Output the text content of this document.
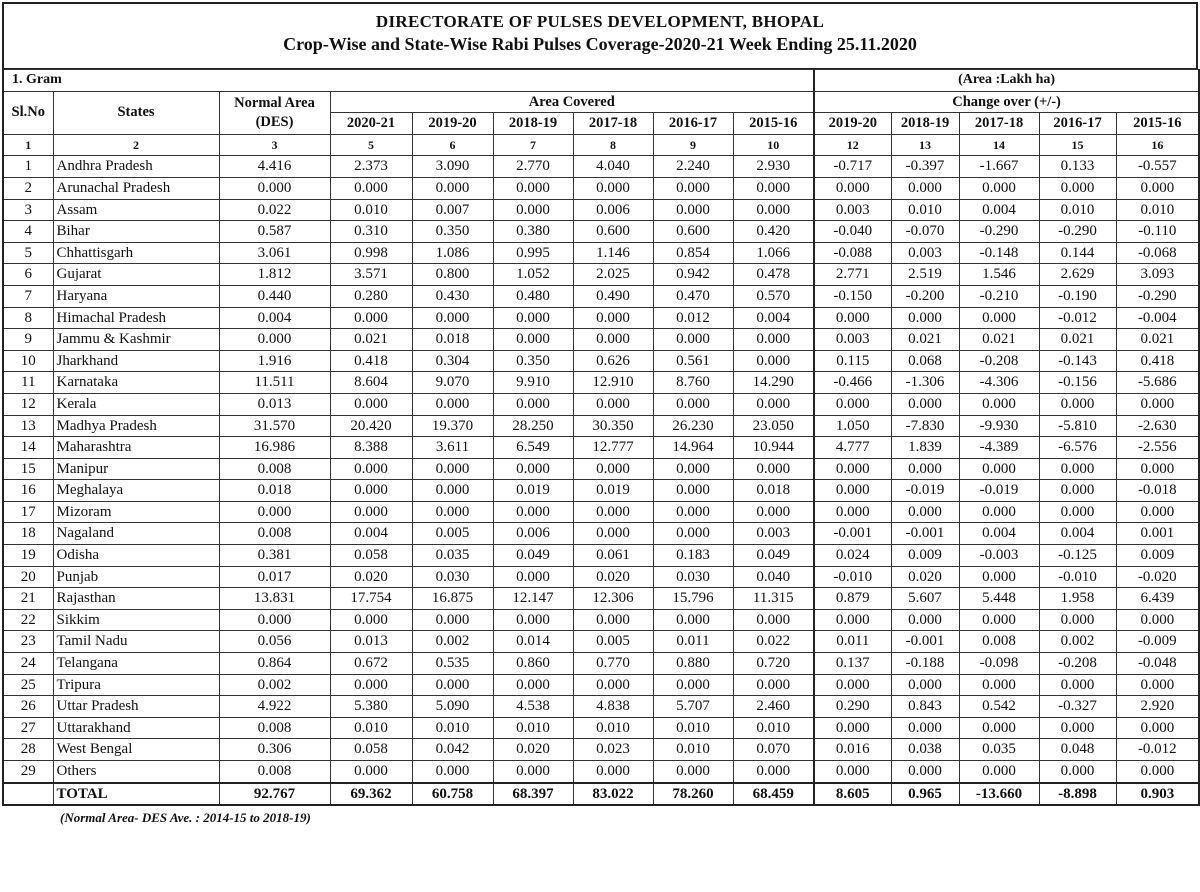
DIRECTORATE OF PULSES DEVELOPMENT, BHOPAL
Crop-Wise and State-Wise Rabi Pulses Coverage-2020-21 Week Ending 25.11.2020
1. Gram									(Area :Lakh ha)				
Sl.No	States	Normal Area (DES)	Area Covered						Change over (+/-)				
			2020-21	2019-20	2018-19	2017-18	2016-17	2015-16	2019-20	2018-19	2017-18	2016-17	2015-16
1	2	3	5	6	7	8	9	10	12	13	14	15	16
1	Andhra Pradesh	4.416	2.373	3.090	2.770	4.040	2.240	2.930	-0.717	-0.397	-1.667	0.133	-0.557
2	Arunachal Pradesh	0.000	0.000	0.000	0.000	0.000	0.000	0.000	0.000	0.000	0.000	0.000	0.000
3	Assam	0.022	0.010	0.007	0.000	0.006	0.000	0.000	0.003	0.010	0.004	0.010	0.010
4	Bihar	0.587	0.310	0.350	0.380	0.600	0.600	0.420	-0.040	-0.070	-0.290	-0.290	-0.110
5	Chhattisgarh	3.061	0.998	1.086	0.995	1.146	0.854	1.066	-0.088	0.003	-0.148	0.144	-0.068
6	Gujarat	1.812	3.571	0.800	1.052	2.025	0.942	0.478	2.771	2.519	1.546	2.629	3.093
7	Haryana	0.440	0.280	0.430	0.480	0.490	0.470	0.570	-0.150	-0.200	-0.210	-0.190	-0.290
8	Himachal Pradesh	0.004	0.000	0.000	0.000	0.000	0.012	0.004	0.000	0.000	0.000	-0.012	-0.004
9	Jammu & Kashmir	0.000	0.021	0.018	0.000	0.000	0.000	0.000	0.003	0.021	0.021	0.021	0.021
10	Jharkhand	1.916	0.418	0.304	0.350	0.626	0.561	0.000	0.115	0.068	-0.208	-0.143	0.418
11	Karnataka	11.511	8.604	9.070	9.910	12.910	8.760	14.290	-0.466	-1.306	-4.306	-0.156	-5.686
12	Kerala	0.013	0.000	0.000	0.000	0.000	0.000	0.000	0.000	0.000	0.000	0.000	0.000
13	Madhya Pradesh	31.570	20.420	19.370	28.250	30.350	26.230	23.050	1.050	-7.830	-9.930	-5.810	-2.630
14	Maharashtra	16.986	8.388	3.611	6.549	12.777	14.964	10.944	4.777	1.839	-4.389	-6.576	-2.556
15	Manipur	0.008	0.000	0.000	0.000	0.000	0.000	0.000	0.000	0.000	0.000	0.000	0.000
16	Meghalaya	0.018	0.000	0.000	0.019	0.019	0.000	0.018	0.000	-0.019	-0.019	0.000	-0.018
17	Mizoram	0.000	0.000	0.000	0.000	0.000	0.000	0.000	0.000	0.000	0.000	0.000	0.000
18	Nagaland	0.008	0.004	0.005	0.006	0.000	0.000	0.003	-0.001	-0.001	0.004	0.004	0.001
19	Odisha	0.381	0.058	0.035	0.049	0.061	0.183	0.049	0.024	0.009	-0.003	-0.125	0.009
20	Punjab	0.017	0.020	0.030	0.000	0.020	0.030	0.040	-0.010	0.020	0.000	-0.010	-0.020
21	Rajasthan	13.831	17.754	16.875	12.147	12.306	15.796	11.315	0.879	5.607	5.448	1.958	6.439
22	Sikkim	0.000	0.000	0.000	0.000	0.000	0.000	0.000	0.000	0.000	0.000	0.000	0.000
23	Tamil Nadu	0.056	0.013	0.002	0.014	0.005	0.011	0.022	0.011	-0.001	0.008	0.002	-0.009
24	Telangana	0.864	0.672	0.535	0.860	0.770	0.880	0.720	0.137	-0.188	-0.098	-0.208	-0.048
25	Tripura	0.002	0.000	0.000	0.000	0.000	0.000	0.000	0.000	0.000	0.000	0.000	0.000
26	Uttar Pradesh	4.922	5.380	5.090	4.538	4.838	5.707	2.460	0.290	0.843	0.542	-0.327	2.920
27	Uttarakhand	0.008	0.010	0.010	0.010	0.010	0.010	0.010	0.000	0.000	0.000	0.000	0.000
28	West Bengal	0.306	0.058	0.042	0.020	0.023	0.010	0.070	0.016	0.038	0.035	0.048	-0.012
29	Others	0.008	0.000	0.000	0.000	0.000	0.000	0.000	0.000	0.000	0.000	0.000	0.000
	TOTAL	92.767	69.362	60.758	68.397	83.022	78.260	68.459	8.605	0.965	-13.660	-8.898	0.903
(Normal Area- DES Ave. : 2014-15 to 2018-19)
